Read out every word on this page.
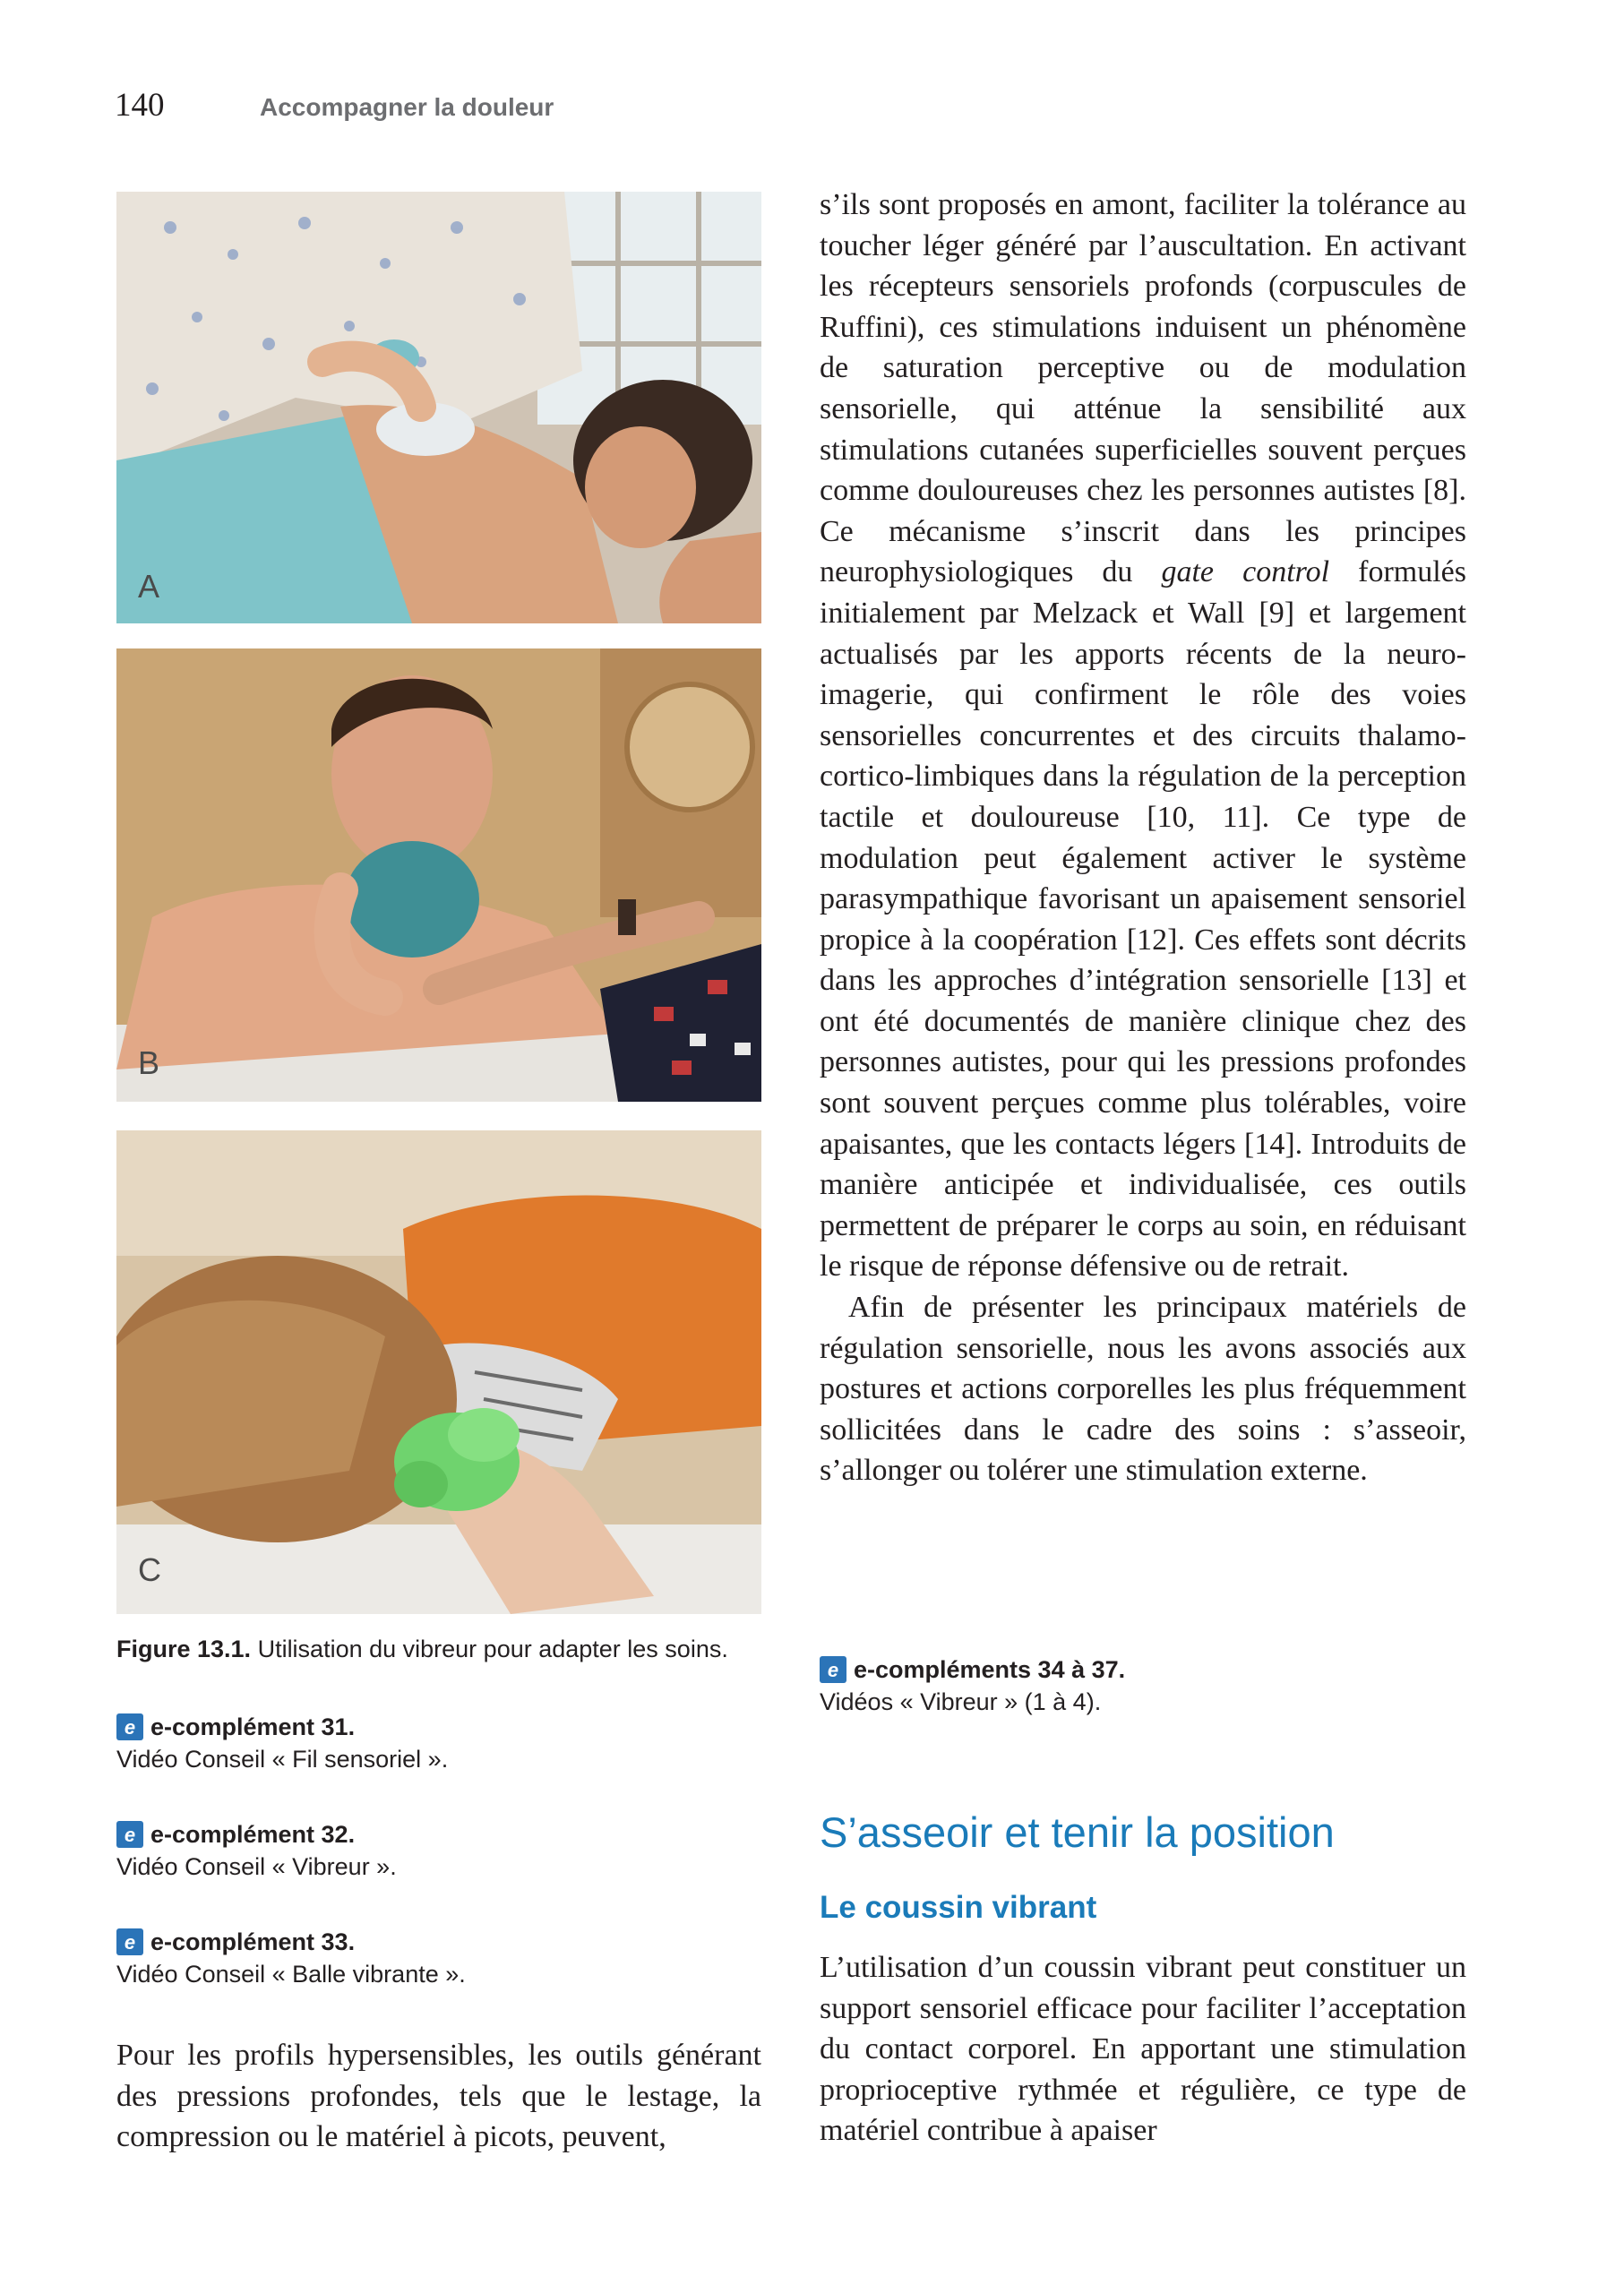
140	Accompagner la douleur
A
B
C
Figure 13.1. Utilisation du vibreur pour adapter les soins.
e e-complément 31.
Vidéo Conseil « Fil sensoriel ».
e e-complément 32.
Vidéo Conseil « Vibreur ».
e e-complément 33.
Vidéo Conseil « Balle vibrante ».

Pour les profils hypersensibles, les outils générant des pressions profondes, tels que le lestage, la compression ou le matériel à picots, peuvent,

s’ils sont proposés en amont, faciliter la tolérance au toucher léger généré par l’auscultation. En activant les récepteurs sensoriels profonds (corpuscules de Ruffini), ces stimulations induisent un phénomène de saturation perceptive ou de modulation sensorielle, qui atténue la sensibilité aux stimulations cutanées superficielles souvent perçues comme douloureuses chez les personnes autistes [8]. Ce mécanisme s’inscrit dans les principes neurophysiologiques du gate control formulés initialement par Melzack et Wall [9] et largement actualisés par les apports récents de la neuro-imagerie, qui confirment le rôle des voies sensorielles concurrentes et des circuits thalamo-cortico-limbiques dans la régulation de la perception tactile et douloureuse [10, 11]. Ce type de modulation peut également activer le système parasympathique favorisant un apaisement sensoriel propice à la coopération [12]. Ces effets sont décrits dans les approches d’intégration sensorielle [13] et ont été documentés de manière clinique chez des personnes autistes, pour qui les pressions profondes sont souvent perçues comme plus tolérables, voire apaisantes, que les contacts légers [14]. Introduits de manière anticipée et individualisée, ces outils permettent de préparer le corps au soin, en réduisant le risque de réponse défensive ou de retrait.

Afin de présenter les principaux matériels de régulation sensorielle, nous les avons associés aux postures et actions corporelles les plus fréquemment sollicitées dans le cadre des soins : s’asseoir, s’allonger ou tolérer une stimulation externe.

e e-compléments 34 à 37.
Vidéos « Vibreur » (1 à 4).
S’asseoir et tenir la position
Le coussin vibrant

L’utilisation d’un coussin vibrant peut constituer un support sensoriel efficace pour faciliter l’acceptation du contact corporel. En apportant une stimulation proprioceptive rythmée et régulière, ce type de matériel contribue à apaiser
